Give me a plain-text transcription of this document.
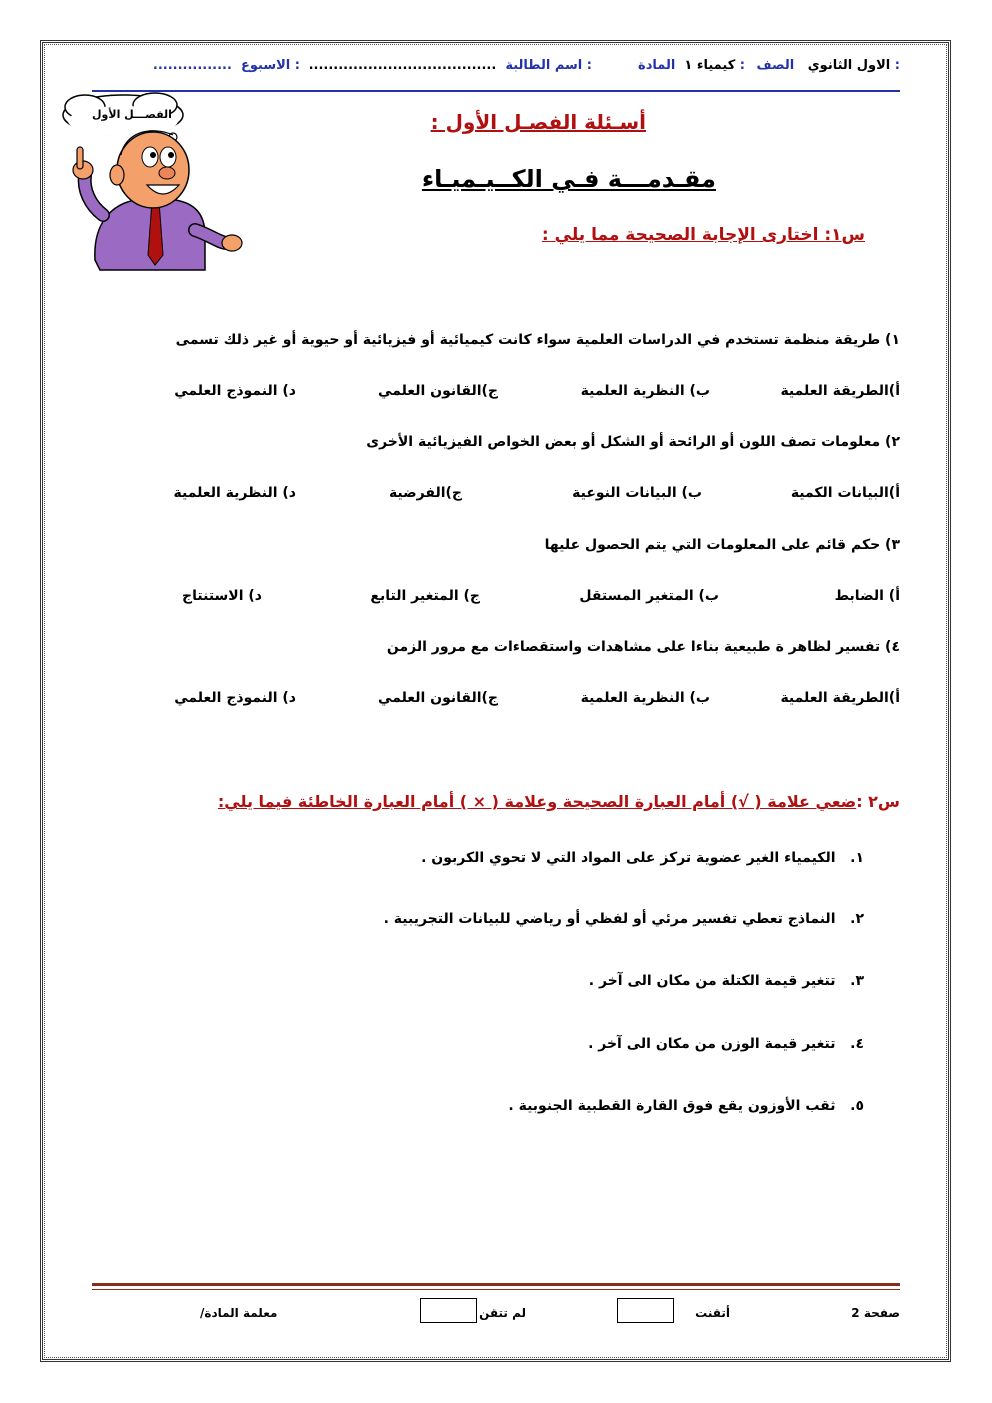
الاول الثانوي   الصف :
كيمياء ١  المادة :
...................................... اسم الطالبة :
................ الاسبوع :
الفصـــل الأول	أسـئلة الفصـل الأول :
مقـدمـــة فـي الكــيـميـاء
س١: اختارى الإجابة الصحيحة مما يلي :
١) طريقة منظمة تستخدم في الدراسات العلمية سواء كانت كيميائية أو فيزيائية أو حيوية أو غير ذلك تسمى
أ)الطريقة العلمية
ب) النظرية العلمية
ج)القانون العلمي
د) النموذج العلمي
٢) معلومات تصف اللون أو الرائحة أو الشكل أو بعض الخواص الفيزيائية الأخرى
أ)البيانات الكمية
ب) البيانات النوعية
ج)الفرضية
د) النظرية العلمية
٣) حكم قائم على المعلومات التي يتم الحصول عليها
أ) الضابط
ب) المتغير المستقل
ج) المتغير التابع
د) الاستنتاج
٤) تفسير لظاهر ة طبيعية بناءا على مشاهدات واستقصاءات مع مرور الزمن
أ)الطريقة العلمية
ب) النظرية العلمية
ج)القانون العلمي
د) النموذج العلمي
س٢ :ضعي علامة ( √) أمام العبارة الصحيحة وعلامة ( × ) أمام العبارة الخاطئة فيما يلي:
١.   الكيمياء الغير عضوية تركز على المواد التي لا تحوي الكربون .
٢.   النماذج تعطي تفسير مرئي أو لفظي أو رياضي للبيانات التجريبية .
٣.   تتغير قيمة الكتلة من مكان الى آخر .
٤.   تتغير قيمة الوزن من مكان الى آخر .
٥.   ثقب الأوزون يقع فوق القارة القطبية الجنوبية .
صفحة 2
أتقنت
لم تتقن
معلمة المادة/
